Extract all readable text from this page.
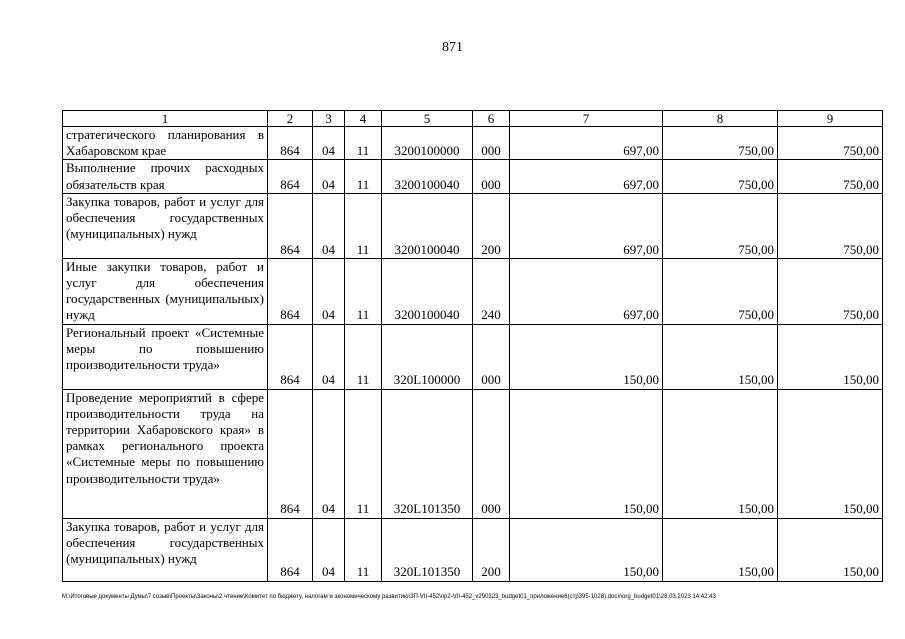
871
1	2	3	4	5	6	7	8	9
стратегического планирования в Хабаровском крае	864	04	11	3200100000	000	697,00	750,00	750,00
Выполнение прочих расходных обязательств края	864	04	11	3200100040	000	697,00	750,00	750,00
Закупка товаров, работ и услуг для обеспечения государственных (муниципальных) нужд	864	04	11	3200100040	200	697,00	750,00	750,00
Иные закупки товаров, работ и услуг для обеспечения государственных (муниципальных) нужд	864	04	11	3200100040	240	697,00	750,00	750,00
Региональный проект «Системные меры по повышению производительности труда»	864	04	11	320L100000	000	150,00	150,00	150,00
Проведение мероприятий в сфере производительности труда на территории Хабаровского края» в рамках регионального проекта «Системные меры по повышению производительности труда»	864	04	11	320L101350	000	150,00	150,00	150,00
Закупка товаров, работ и услуг для обеспечения государственных (муниципальных) нужд	864	04	11	320L101350	200	150,00	150,00	150,00
M:\Итоговые документы Думы\7 созыв\Проекты\Законы\2 чтение\Комитет по бюджету, налогам и экономическому развитию\3П-VII-452\пр2-VII-452_v290323_budget01_приложение6(стр395-1028).docx\org_budget01\28.03.2023 14:42:43
